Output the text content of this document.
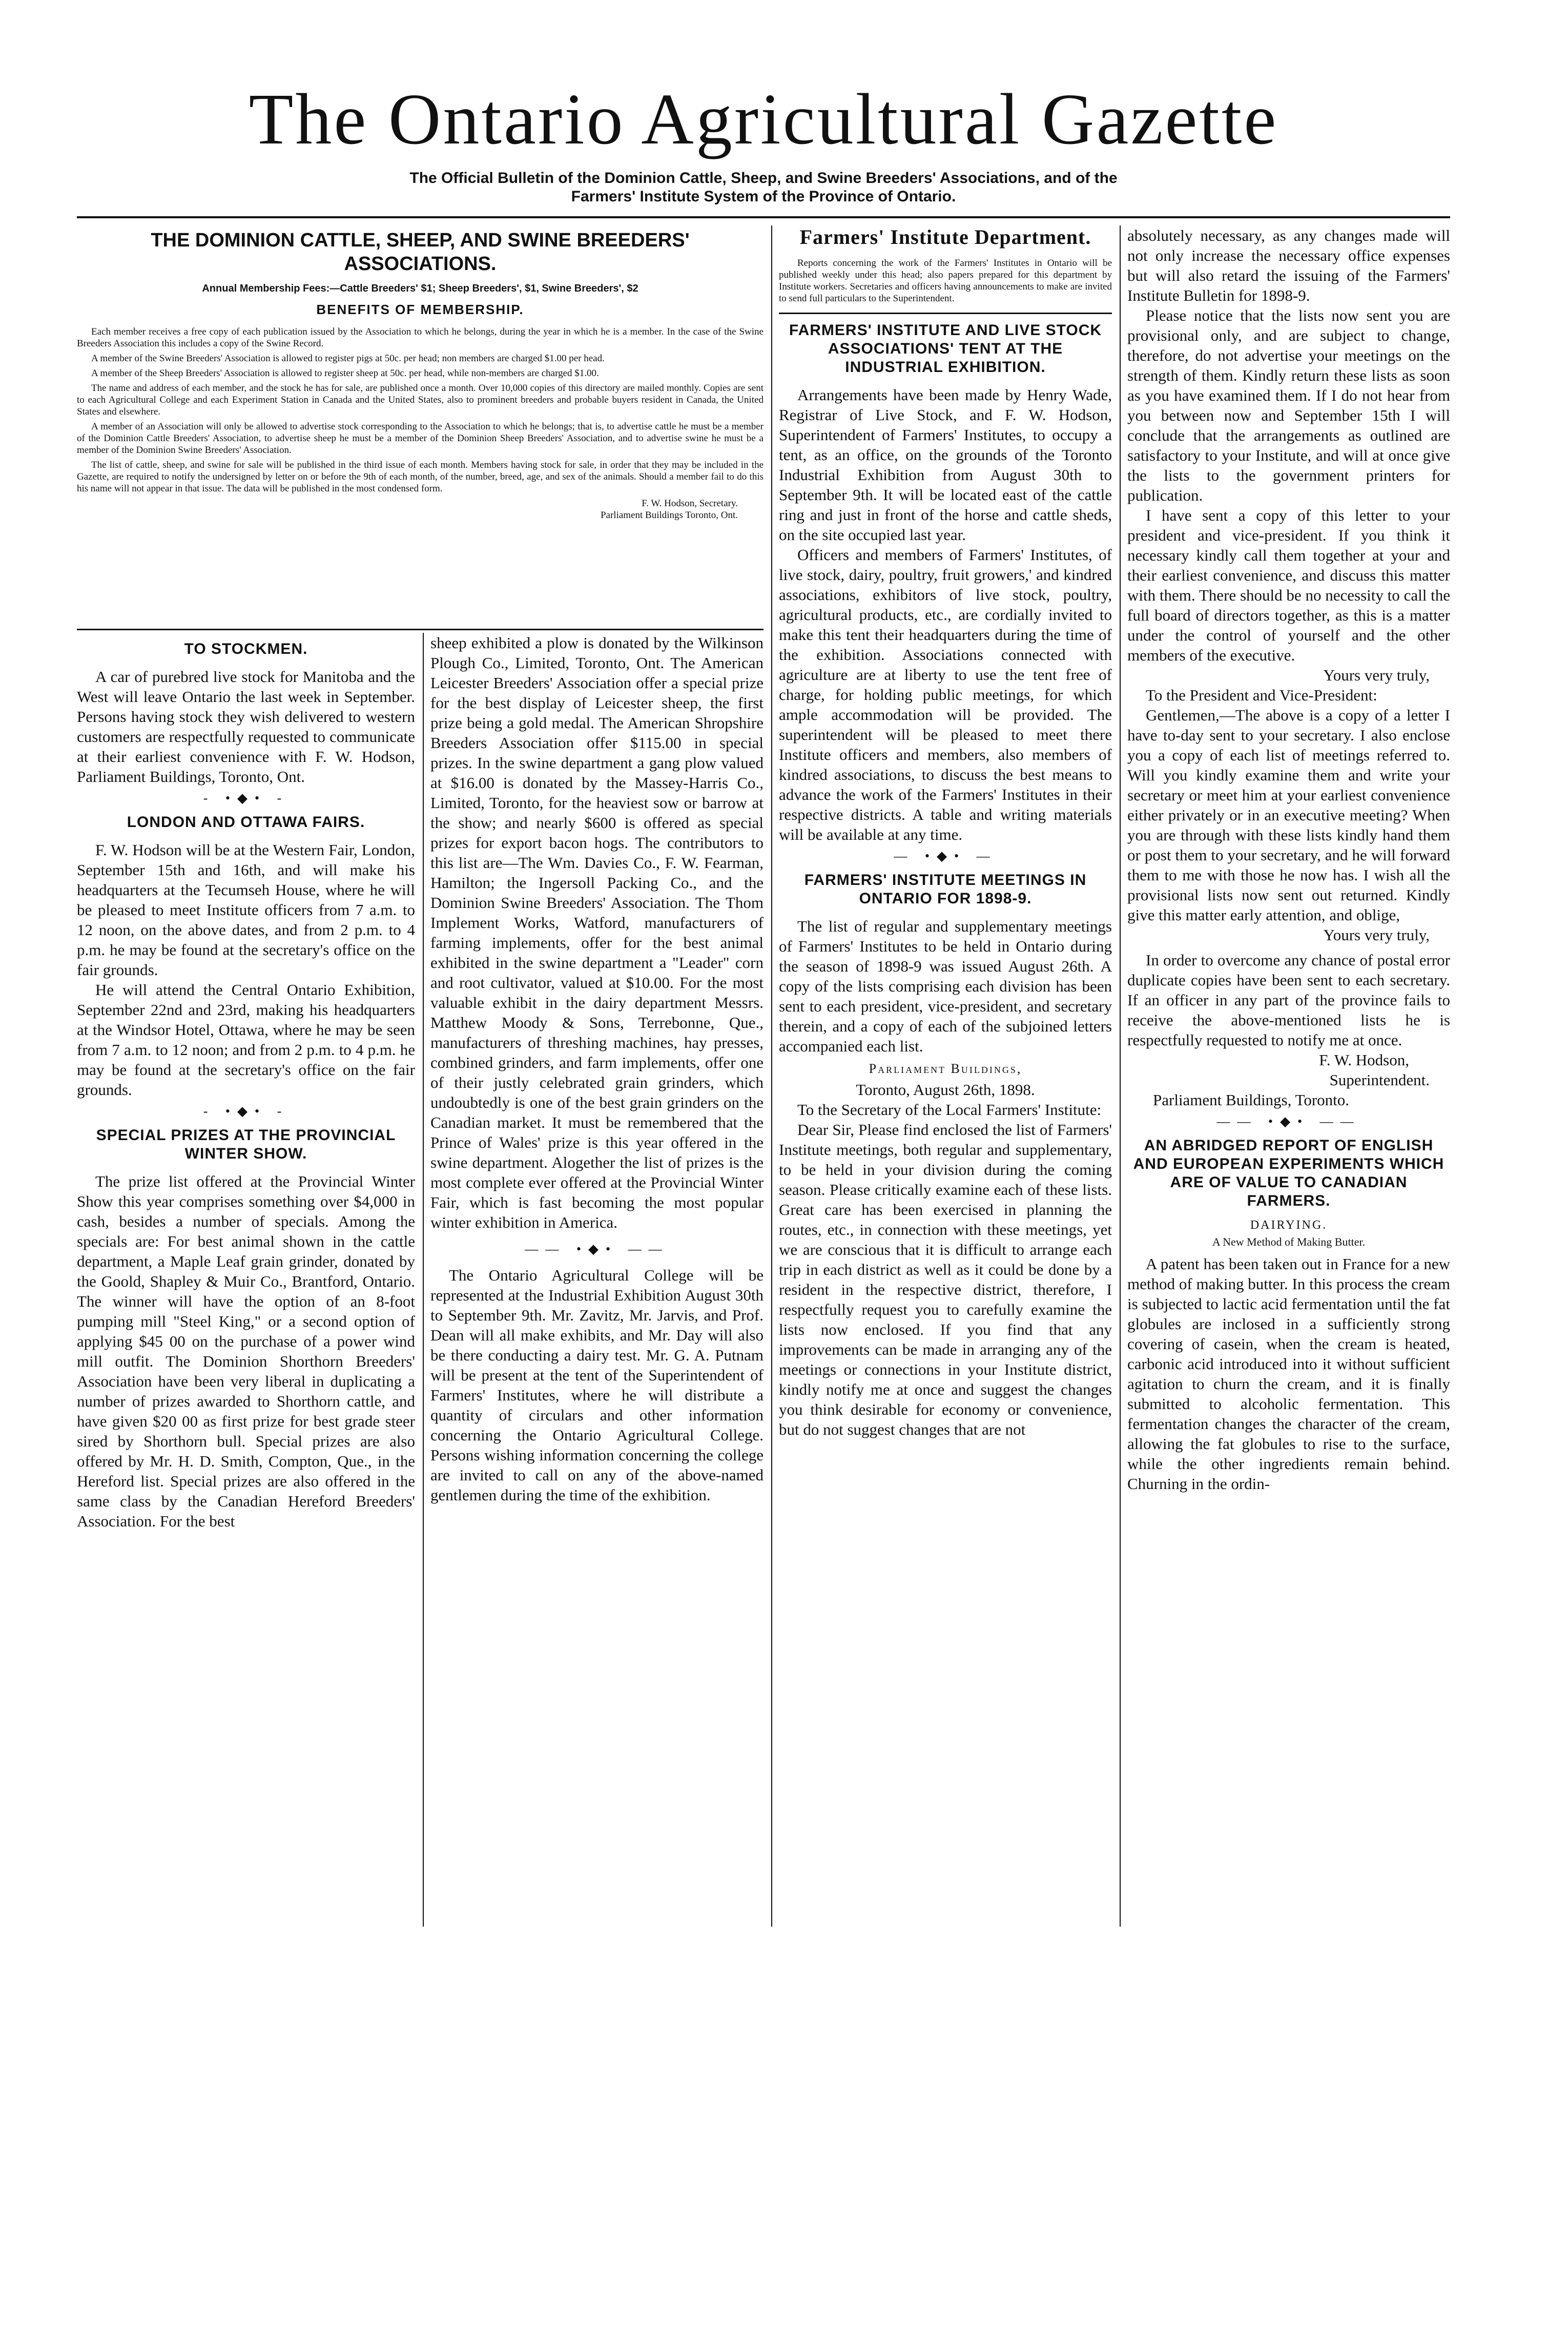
The Ontario Agricultural Gazette
The Official Bulletin of the Dominion Cattle, Sheep, and Swine Breeders' Associations, and of the
Farmers' Institute System of the Province of Ontario.
THE DOMINION CATTLE, SHEEP, AND SWINE BREEDERS'
ASSOCIATIONS.
Annual Membership Fees:—Cattle Breeders' $1; Sheep Breeders', $1, Swine Breeders', $2
BENEFITS OF MEMBERSHIP.
Each member receives a free copy of each publication issued by the Association to which he belongs, during the year in which he is a member. In the case of the Swine Breeders Association this includes a copy of the Swine Record.
A member of the Swine Breeders' Association is allowed to register pigs at 50c. per head; non members are charged $1.00 per head.
A member of the Sheep Breeders' Association is allowed to register sheep at 50c. per head, while non-members are charged $1.00.
The name and address of each member, and the stock he has for sale, are published once a month. Over 10,000 copies of this directory are mailed monthly. Copies are sent to each Agricultural College and each Experiment Station in Canada and the United States, also to prominent breeders and probable buyers resident in Canada, the United States and elsewhere.
A member of an Association will only be allowed to advertise stock corresponding to the Association to which he belongs; that is, to advertise cattle he must be a member of the Dominion Cattle Breeders' Association, to advertise sheep he must be a member of the Dominion Sheep Breeders' Association, and to advertise swine he must be a member of the Dominion Swine Breeders' Association.
The list of cattle, sheep, and swine for sale will be published in the third issue of each month. Members having stock for sale, in order that they may be included in the Gazette, are required to notify the undersigned by letter on or before the 9th of each month, of the number, breed, age, and sex of the animals. Should a member fail to do this his name will not appear in that issue. The data will be published in the most condensed form.
F. W. Hodson, Secretary.
Parliament Buildings Toronto, Ont.
TO STOCKMEN.

A car of purebred live stock for Manitoba and the West will leave Ontario the last week in September. Persons having stock they wish delivered to western customers are respectfully requested to communicate at their earliest convenience with F. W. Hodson, Parliament Buildings, Toronto, Ont.

- •◆• -
LONDON AND OTTAWA FAIRS.

F. W. Hodson will be at the Western Fair, London, September 15th and 16th, and will make his headquarters at the Tecumseh House, where he will be pleased to meet Institute officers from 7 a.m. to 12 noon, on the above dates, and from 2 p.m. to 4 p.m. he may be found at the secretary's office on the fair grounds.

He will attend the Central Ontario Exhibition, September 22nd and 23rd, making his headquarters at the Windsor Hotel, Ottawa, where he may be seen from 7 a.m. to 12 noon; and from 2 p.m. to 4 p.m. he may be found at the secretary's office on the fair grounds.

- •◆• -
SPECIAL PRIZES AT THE PROVINCIAL WINTER SHOW.

The prize list offered at the Provincial Winter Show this year comprises something over $4,000 in cash, besides a number of specials. Among the specials are: For best animal shown in the cattle department, a Maple Leaf grain grinder, donated by the Goold, Shapley & Muir Co., Brantford, Ontario. The winner will have the option of an 8-foot pumping mill "Steel King," or a second option of applying $45 00 on the purchase of a power wind mill outfit. The Dominion Shorthorn Breeders' Association have been very liberal in duplicating a number of prizes awarded to Shorthorn cattle, and have given $20 00 as first prize for best grade steer sired by Shorthorn bull. Special prizes are also offered by Mr. H. D. Smith, Compton, Que., in the Hereford list. Special prizes are also offered in the same class by the Canadian Hereford Breeders' Association. For the best

sheep exhibited a plow is donated by the Wilkinson Plough Co., Limited, Toronto, Ont. The American Leicester Breeders' Association offer a special prize for the best display of Leicester sheep, the first prize being a gold medal. The American Shropshire Breeders Association offer $115.00 in special prizes. In the swine department a gang plow valued at $16.00 is donated by the Massey-Harris Co., Limited, Toronto, for the heaviest sow or barrow at the show; and nearly $600 is offered as special prizes for export bacon hogs. The contributors to this list are—The Wm. Davies Co., F. W. Fearman, Hamilton; the Ingersoll Packing Co., and the Dominion Swine Breeders' Association. The Thom Implement Works, Watford, manufacturers of farming implements, offer for the best animal exhibited in the swine department a "Leader" corn and root cultivator, valued at $10.00. For the most valuable exhibit in the dairy department Messrs. Matthew Moody & Sons, Terrebonne, Que., manufacturers of threshing machines, hay presses, combined grinders, and farm implements, offer one of their justly celebrated grain grinders, which undoubtedly is one of the best grain grinders on the Canadian market. It must be remembered that the Prince of Wales' prize is this year offered in the swine department. Alogether the list of prizes is the most complete ever offered at the Provincial Winter Fair, which is fast becoming the most popular winter exhibition in America.

—— •◆• ——

The Ontario Agricultural College will be represented at the Industrial Exhibition August 30th to September 9th. Mr. Zavitz, Mr. Jarvis, and Prof. Dean will all make exhibits, and Mr. Day will also be there conducting a dairy test. Mr. G. A. Putnam will be present at the tent of the Superintendent of Farmers' Institutes, where he will distribute a quantity of circulars and other information concerning the Ontario Agricultural College. Persons wishing information concerning the college are invited to call on any of the above-named gentlemen during the time of the exhibition.

Farmers' Institute Department.

Reports concerning the work of the Farmers' Institutes in Ontario will be published weekly under this head; also papers prepared for this department by Institute workers. Secretaries and officers having announcements to make are invited to send full particulars to the Superintendent.

FARMERS' INSTITUTE AND LIVE STOCK ASSOCIATIONS' TENT AT THE INDUSTRIAL EXHIBITION.

Arrangements have been made by Henry Wade, Registrar of Live Stock, and F. W. Hodson, Superintendent of Farmers' Institutes, to occupy a tent, as an office, on the grounds of the Toronto Industrial Exhibition from August 30th to September 9th. It will be located east of the cattle ring and just in front of the horse and cattle sheds, on the site occupied last year.

Officers and members of Farmers' Institutes, of live stock, dairy, poultry, fruit growers,' and kindred associations, exhibitors of live stock, poultry, agricultural products, etc., are cordially invited to make this tent their headquarters during the time of the exhibition. Associations connected with agriculture are at liberty to use the tent free of charge, for holding public meetings, for which ample accommodation will be provided. The superintendent will be pleased to meet there Institute officers and members, also members of kindred associations, to discuss the best means to advance the work of the Farmers' Institutes in their respective districts. A table and writing materials will be available at any time.

— •◆• —
FARMERS' INSTITUTE MEETINGS IN ONTARIO FOR 1898-9.

The list of regular and supplementary meetings of Farmers' Institutes to be held in Ontario during the season of 1898-9 was issued August 26th. A copy of the lists comprising each division has been sent to each president, vice-president, and secretary therein, and a copy of each of the subjoined letters accompanied each list.

Parliament Buildings,

Toronto, August 26th, 1898.

To the Secretary of the Local Farmers' Institute:

Dear Sir, Please find enclosed the list of Farmers' Institute meetings, both regular and supplementary, to be held in your division during the coming season. Please critically examine each of these lists. Great care has been exercised in planning the routes, etc., in connection with these meetings, yet we are conscious that it is difficult to arrange each trip in each district as well as it could be done by a resident in the respective district, therefore, I respectfully request you to carefully examine the lists now enclosed. If you find that any improvements can be made in arranging any of the meetings or connections in your Institute district, kindly notify me at once and suggest the changes you think desirable for economy or convenience, but do not suggest changes that are not

absolutely necessary, as any changes made will not only increase the necessary office expenses but will also retard the issuing of the Farmers' Institute Bulletin for 1898-9.

Please notice that the lists now sent you are provisional only, and are subject to change, therefore, do not advertise your meetings on the strength of them. Kindly return these lists as soon as you have examined them. If I do not hear from you between now and September 15th I will conclude that the arrangements as outlined are satisfactory to your Institute, and will at once give the lists to the government printers for publication.

I have sent a copy of this letter to your president and vice-president. If you think it necessary kindly call them together at your and their earliest convenience, and discuss this matter with them. There should be no necessity to call the full board of directors together, as this is a matter under the control of yourself and the other members of the executive.

Yours very truly,

To the President and Vice-President:

Gentlemen,—The above is a copy of a letter I have to-day sent to your secretary. I also enclose you a copy of each list of meetings referred to. Will you kindly examine them and write your secretary or meet him at your earliest convenience either privately or in an executive meeting? When you are through with these lists kindly hand them or post them to your secretary, and he will forward them to me with those he now has. I wish all the provisional lists now sent out returned. Kindly give this matter early attention, and oblige,

Yours very truly,

In order to overcome any chance of postal error duplicate copies have been sent to each secretary. If an officer in any part of the province fails to receive the above-mentioned lists he is respectfully requested to notify me at once.

F. W. Hodson,

Superintendent.

Parliament Buildings, Toronto.

—— •◆• ——
AN ABRIDGED REPORT OF ENGLISH AND EUROPEAN EXPERIMENTS WHICH ARE OF VALUE TO CANADIAN FARMERS.
DAIRYING.
A New Method of Making Butter.

A patent has been taken out in France for a new method of making butter. In this process the cream is subjected to lactic acid fermentation until the fat globules are inclosed in a sufficiently strong covering of casein, when the cream is heated, carbonic acid introduced into it without sufficient agitation to churn the cream, and it is finally submitted to alcoholic fermentation. This fermentation changes the character of the cream, allowing the fat globules to rise to the surface, while the other ingredients remain behind. Churning in the ordin-
